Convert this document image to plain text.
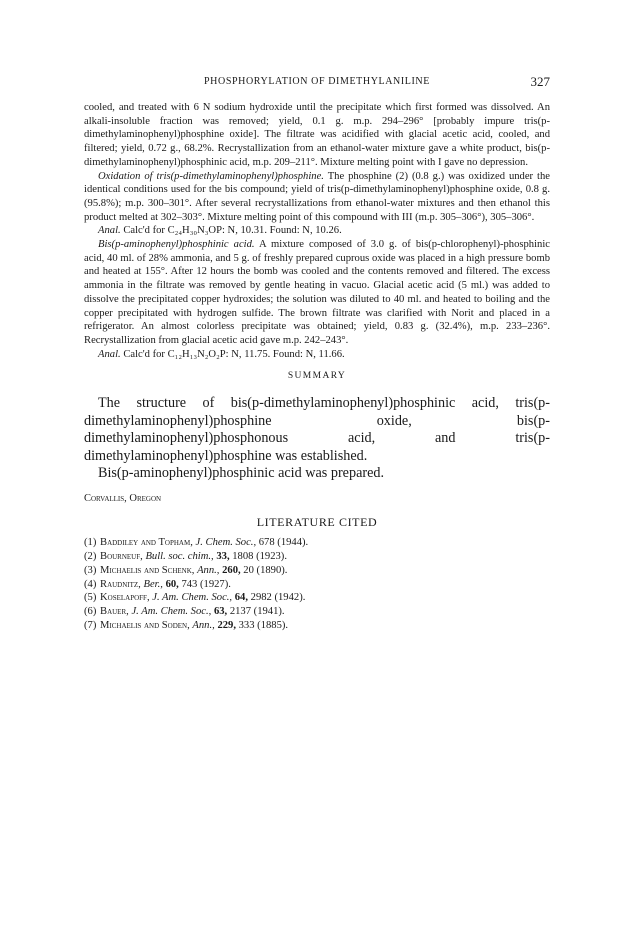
PHOSPHORYLATION OF DIMETHYLANILINE	327

cooled, and treated with 6 N sodium hydroxide until the precipitate which first formed was dissolved. An alkali-insoluble fraction was removed; yield, 0.1 g. m.p. 294–296° [probably impure tris(p-dimethylaminophenyl)phosphine oxide]. The filtrate was acidified with glacial acetic acid, cooled, and filtered; yield, 0.72 g., 68.2%. Recrystallization from an ethanol-water mixture gave a white product, bis(p-dimethylaminophenyl)phosphinic acid, m.p. 209–211°. Mixture melting point with I gave no depression.

Oxidation of tris(p-dimethylaminophenyl)phosphine. The phosphine (2) (0.8 g.) was oxidized under the identical conditions used for the bis compound; yield of tris(p-dimethylaminophenyl)phosphine oxide, 0.8 g. (95.8%); m.p. 300–301°. After several recrystallizations from ethanol-water mixtures and then ethanol this product melted at 302–303°. Mixture melting point of this compound with III (m.p. 305–306°), 305–306°.

Anal. Calc'd for C₂₄H₃₀N₃OP: N, 10.31. Found: N, 10.26.

Bis(p-aminophenyl)phosphinic acid. A mixture composed of 3.0 g. of bis(p-chlorophenyl)-phosphinic acid, 40 ml. of 28% ammonia, and 5 g. of freshly prepared cuprous oxide was placed in a high pressure bomb and heated at 155°. After 12 hours the bomb was cooled and the contents removed and filtered. The excess ammonia in the filtrate was removed by gentle heating in vacuo. Glacial acetic acid (5 ml.) was added to dissolve the precipitated copper hydroxides; the solution was diluted to 40 ml. and heated to boiling and the copper precipitated with hydrogen sulfide. The brown filtrate was clarified with Norit and placed in a refrigerator. An almost colorless precipitate was obtained; yield, 0.83 g. (32.4%), m.p. 233–236°. Recrystallization from glacial acetic acid gave m.p. 242–243°.

Anal. Calc'd for C₁₂H₁₃N₂O₂P: N, 11.75. Found: N, 11.66.

SUMMARY

The structure of bis(p-dimethylaminophenyl)phosphinic acid, tris(p-dimethylaminophenyl)phosphine oxide, bis(p-dimethylaminophenyl)phosphonous acid, and tris(p-dimethylaminophenyl)phosphine was established.

Bis(p-aminophenyl)phosphinic acid was prepared.

Corvallis, Oregon

LITERATURE CITED
(1) Baddiley and Topham, J. Chem. Soc., 678 (1944).
(2) Bourneuf, Bull. soc. chim., 33, 1808 (1923).
(3) Michaelis and Schenk, Ann., 260, 20 (1890).
(4) Raudnitz, Ber., 60, 743 (1927).
(5) Koselapoff, J. Am. Chem. Soc., 64, 2982 (1942).
(6) Bauer, J. Am. Chem. Soc., 63, 2137 (1941).
(7) Michaelis and Soden, Ann., 229, 333 (1885).
